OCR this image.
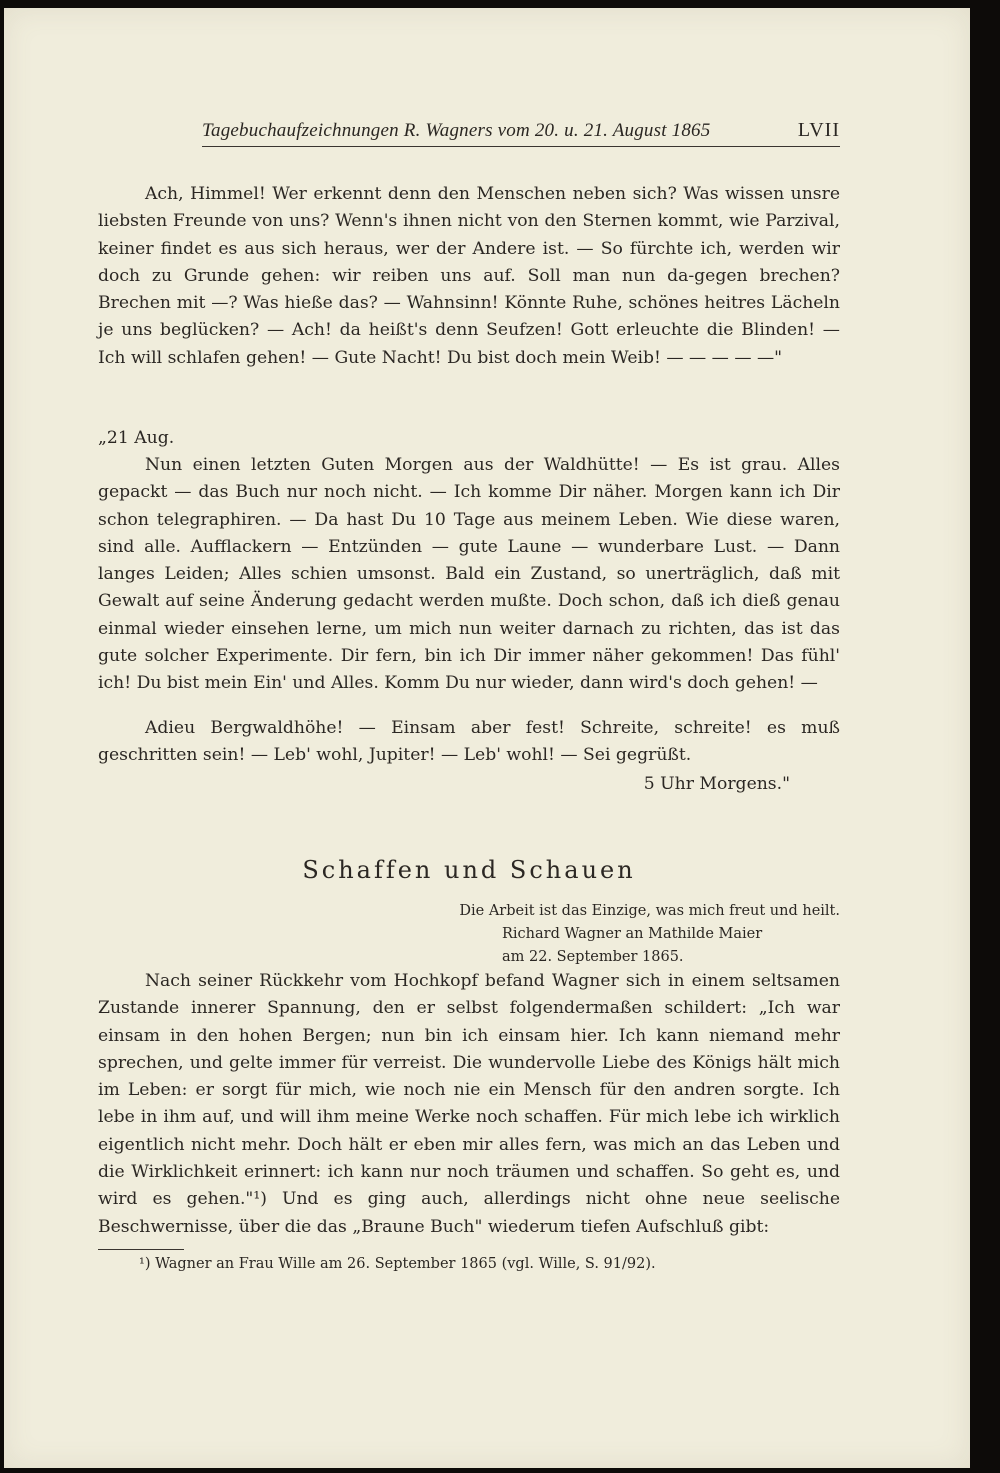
Tagebuchaufzeichnungen R. Wagners vom 20. u. 21. August 1865	LVII

Ach, Himmel! Wer erkennt denn den Menschen neben sich? Was wissen unsre liebsten Freunde von uns? Wenn's ihnen nicht von den Sternen kommt, wie Parzival, keiner findet es aus sich heraus, wer der Andere ist. — So fürchte ich, werden wir doch zu Grunde gehen: wir reiben uns auf. Soll man nun da-gegen brechen? Brechen mit —? Was hieße das? — Wahnsinn! Könnte Ruhe, schönes heitres Lächeln je uns beglücken? — Ach! da heißt's denn Seufzen! Gott erleuchte die Blinden! — Ich will schlafen gehen! — Gute Nacht! Du bist doch mein Weib! — — — — —"

„21 Aug.

Nun einen letzten Guten Morgen aus der Waldhütte! — Es ist grau. Alles gepackt — das Buch nur noch nicht. — Ich komme Dir näher. Morgen kann ich Dir schon telegraphiren. — Da hast Du 10 Tage aus meinem Leben. Wie diese waren, sind alle. Aufflackern — Entzünden — gute Laune — wunderbare Lust. — Dann langes Leiden; Alles schien umsonst. Bald ein Zustand, so unerträglich, daß mit Gewalt auf seine Änderung gedacht werden mußte. Doch schon, daß ich dieß genau einmal wieder einsehen lerne, um mich nun weiter darnach zu richten, das ist das gute solcher Experimente. Dir fern, bin ich Dir immer näher gekommen! Das fühl' ich! Du bist mein Ein' und Alles. Komm Du nur wieder, dann wird's doch gehen! —

Adieu Bergwaldhöhe! — Einsam aber fest! Schreite, schreite! es muß geschritten sein! — Leb' wohl, Jupiter! — Leb' wohl! — Sei gegrüßt.

5 Uhr Morgens."

Schaffen und Schauen
Die Arbeit ist das Einzige, was mich freut und heilt.
Richard Wagner an Mathilde Maier
am 22. September 1865.

Nach seiner Rückkehr vom Hochkopf befand Wagner sich in einem seltsamen Zustande innerer Spannung, den er selbst folgendermaßen schildert: „Ich war einsam in den hohen Bergen; nun bin ich einsam hier. Ich kann niemand mehr sprechen, und gelte immer für verreist. Die wundervolle Liebe des Königs hält mich im Leben: er sorgt für mich, wie noch nie ein Mensch für den andren sorgte. Ich lebe in ihm auf, und will ihm meine Werke noch schaffen. Für mich lebe ich wirklich eigentlich nicht mehr. Doch hält er eben mir alles fern, was mich an das Leben und die Wirklichkeit erinnert: ich kann nur noch träumen und schaffen. So geht es, und wird es gehen."¹) Und es ging auch, allerdings nicht ohne neue seelische Beschwernisse, über die das „Braune Buch" wiederum tiefen Aufschluß gibt:

¹) Wagner an Frau Wille am 26. September 1865 (vgl. Wille, S. 91/92).
